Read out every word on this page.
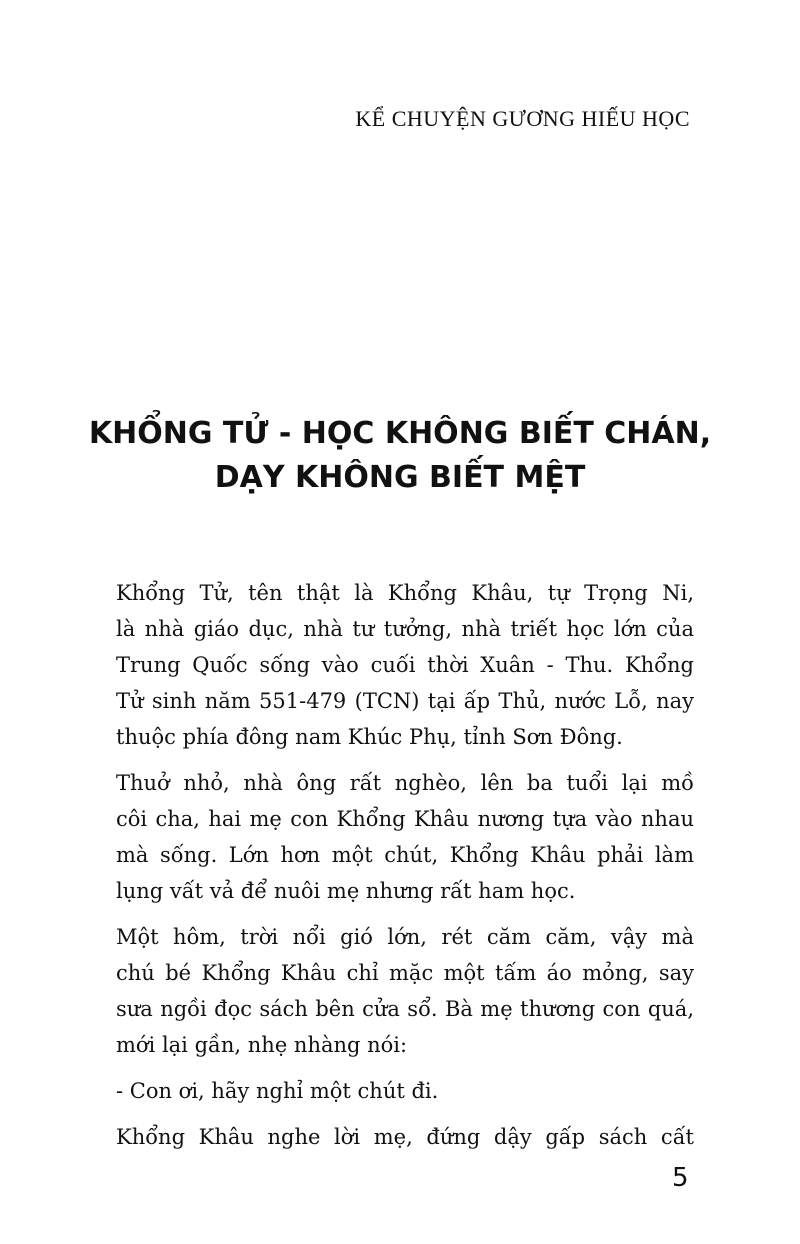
KỂ CHUYỆN GƯƠNG HIẾU HỌC
KHỔNG TỬ - HỌC KHÔNG BIẾT CHÁN,
DẠY KHÔNG BIẾT MỆT

Khổng Tử, tên thật là Khổng Khâu, tự Trọng Ni,
là nhà giáo dục, nhà tư tưởng, nhà triết học lớn của
Trung Quốc sống vào cuối thời Xuân - Thu. Khổng
Tử sinh năm 551-479 (TCN) tại ấp Thủ, nước Lỗ, nay
thuộc phía đông nam Khúc Phụ, tỉnh Sơn Đông.

Thuở nhỏ, nhà ông rất nghèo, lên ba tuổi lại mồ
côi cha, hai mẹ con Khổng Khâu nương tựa vào nhau
mà sống. Lớn hơn một chút, Khổng Khâu phải làm
lụng vất vả để nuôi mẹ nhưng rất ham học.

Một hôm, trời nổi gió lớn, rét căm căm, vậy mà
chú bé Khổng Khâu chỉ mặc một tấm áo mỏng, say
sưa ngồi đọc sách bên cửa sổ. Bà mẹ thương con quá,
mới lại gần, nhẹ nhàng nói:

- Con ơi, hãy nghỉ một chút đi.

Khổng Khâu nghe lời mẹ, đứng dậy gấp sách cất

5
